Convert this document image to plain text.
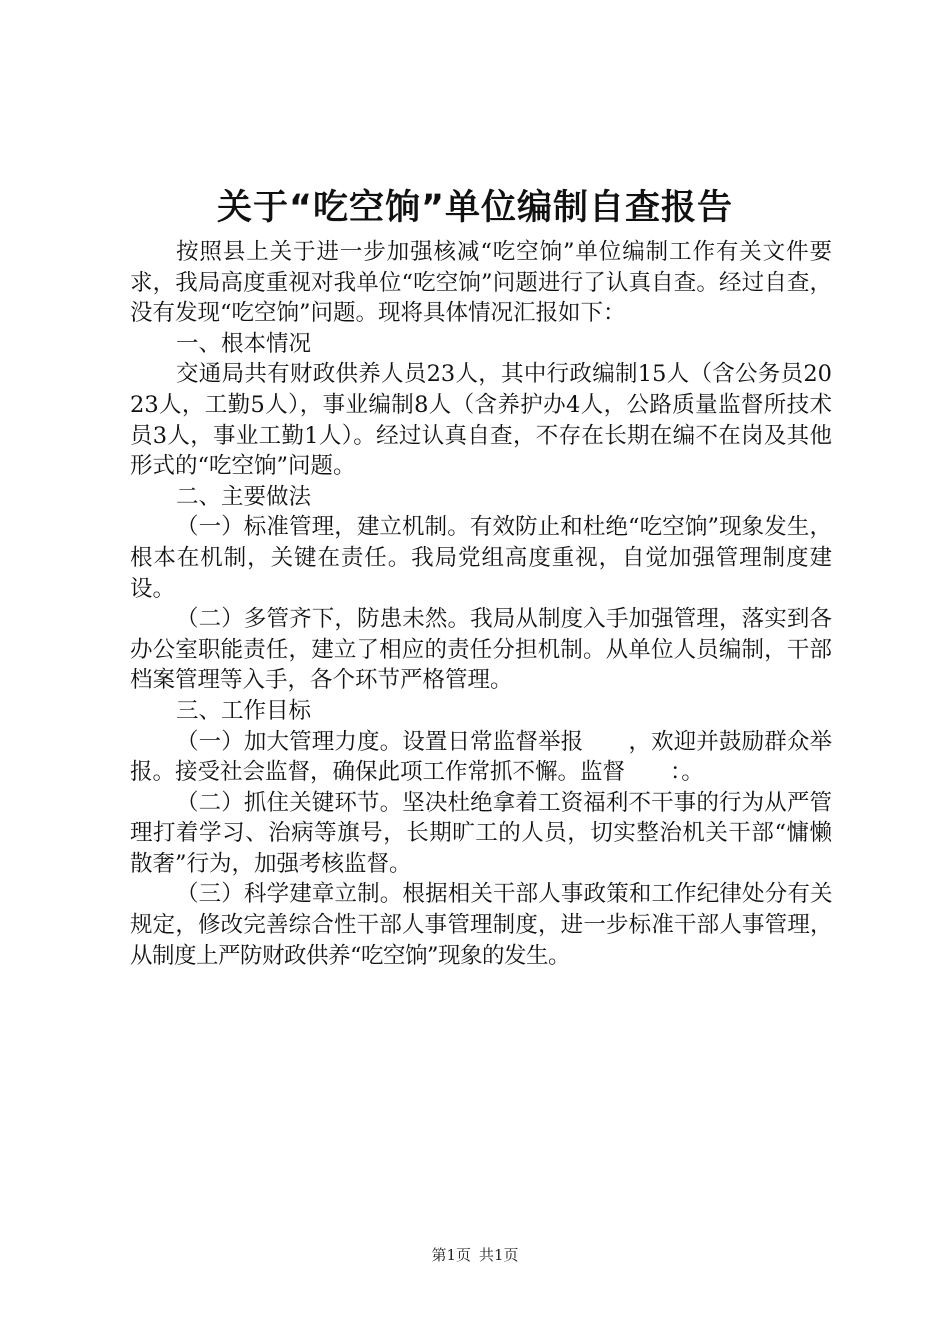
关于“吃空饷”单位编制自查报告

按照县上关于进一步加强核减“吃空饷”单位编制工作有关文件要求，我局高度重视对我单位“吃空饷”问题进行了认真自查。经过自查，没有发现“吃空饷”问题。现将具体情况汇报如下：

一、根本情况

交通局共有财政供养人员23人，其中行政编制15人（含公务员2023人，工勤5人），事业编制8人（含养护办4人，公路质量监督所技术员3人，事业工勤1人）。经过认真自查，不存在长期在编不在岗及其他形式的“吃空饷”问题。

二、主要做法

（一）标准管理，建立机制。有效防止和杜绝“吃空饷”现象发生，根本在机制，关键在责任。我局党组高度重视，自觉加强管理制度建设。

（二）多管齐下，防患未然。我局从制度入手加强管理，落实到各办公室职能责任，建立了相应的责任分担机制。从单位人员编制，干部档案管理等入手，各个环节严格管理。

三、工作目标

（一）加大管理力度。设置日常监督举报　　，欢迎并鼓励群众举报。接受社会监督，确保此项工作常抓不懈。监督　　：。

（二）抓住关键环节。坚决杜绝拿着工资福利不干事的行为从严管理打着学习、治病等旗号，长期旷工的人员，切实整治机关干部“慵懒散奢”行为，加强考核监督。

（三）科学建章立制。根据相关干部人事政策和工作纪律处分有关规定，修改完善综合性干部人事管理制度，进一步标准干部人事管理，从制度上严防财政供养“吃空饷”现象的发生。

第1页 共1页
